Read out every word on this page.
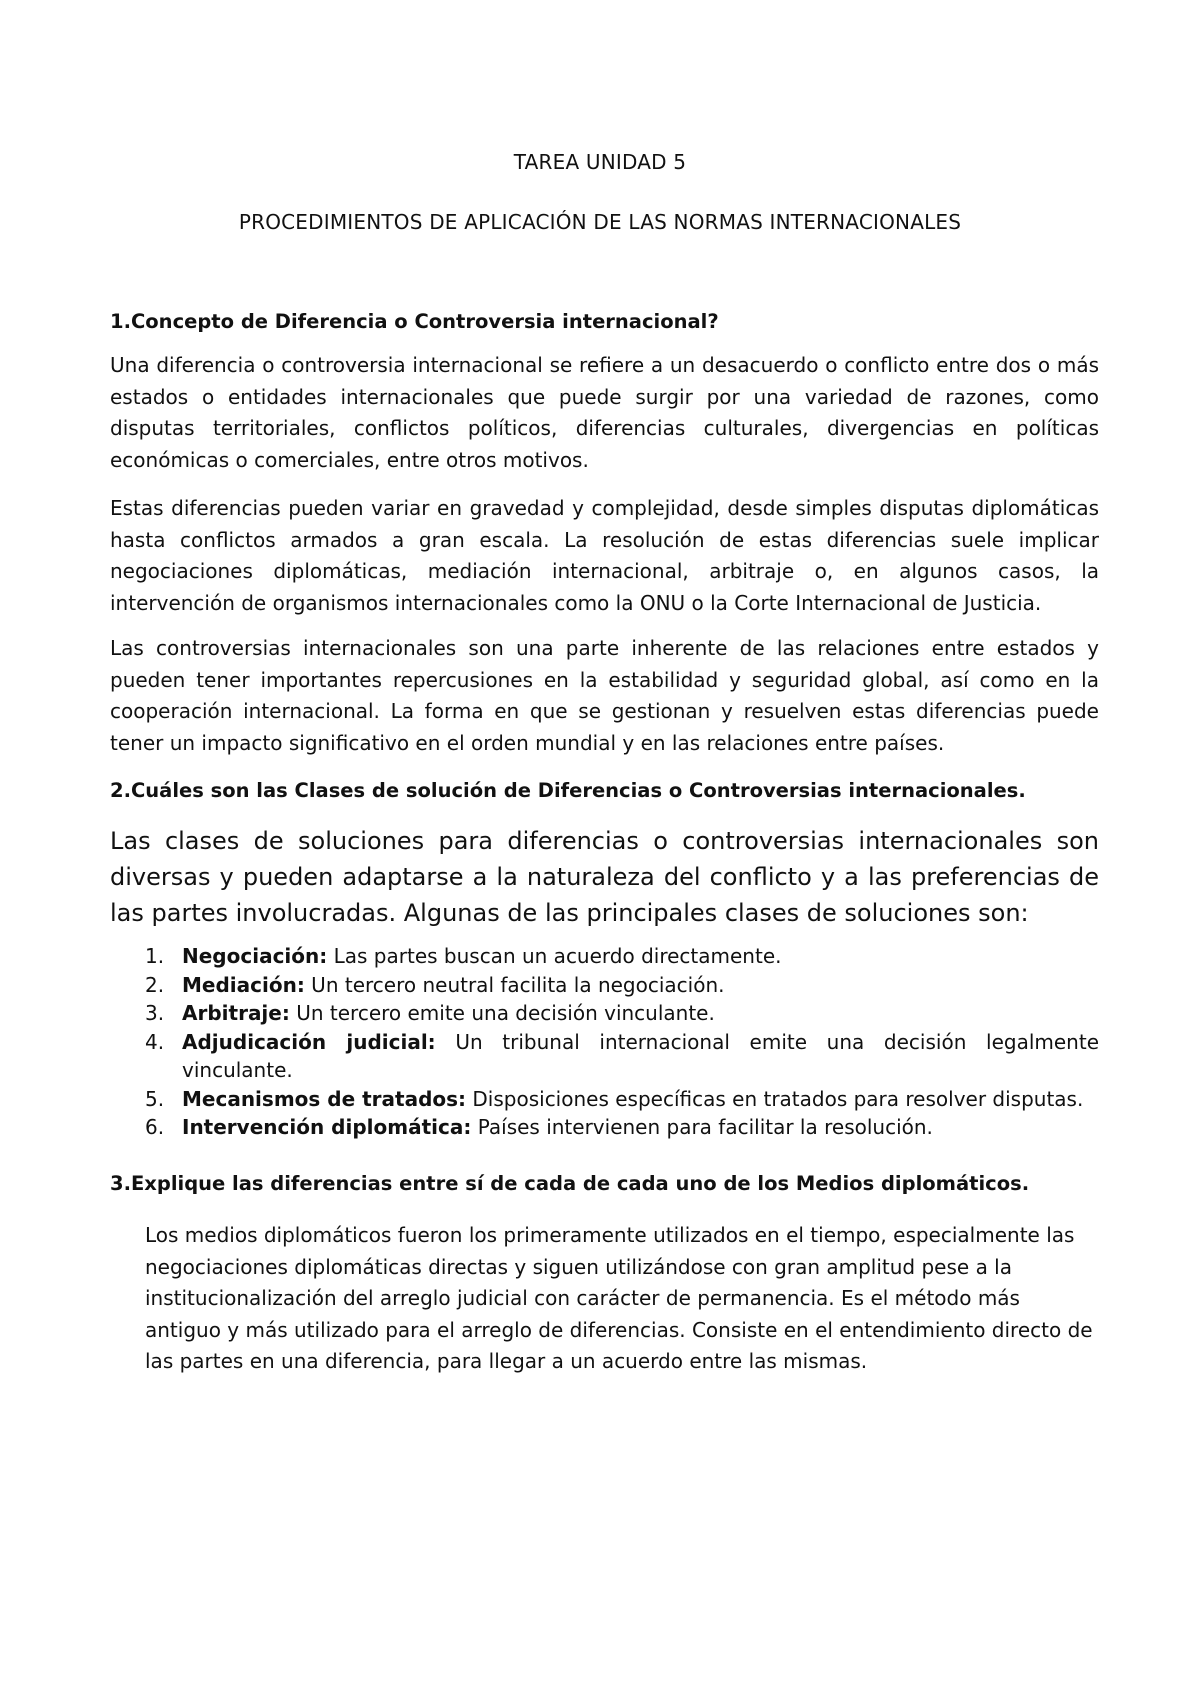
TAREA UNIDAD 5
PROCEDIMIENTOS DE APLICACIÓN DE LAS NORMAS INTERNACIONALES
1.Concepto de Diferencia o Controversia internacional?
Una diferencia o controversia internacional se refiere a un desacuerdo o conflicto entre dos o más estados o entidades internacionales que puede surgir por una variedad de razones, como disputas territoriales, conflictos políticos, diferencias culturales, divergencias en políticas económicas o comerciales, entre otros motivos.
Estas diferencias pueden variar en gravedad y complejidad, desde simples disputas diplomáticas hasta conflictos armados a gran escala. La resolución de estas diferencias suele implicar negociaciones diplomáticas, mediación internacional, arbitraje o, en algunos casos, la intervención de organismos internacionales como la ONU o la Corte Internacional de Justicia.
Las controversias internacionales son una parte inherente de las relaciones entre estados y pueden tener importantes repercusiones en la estabilidad y seguridad global, así como en la cooperación internacional. La forma en que se gestionan y resuelven estas diferencias puede tener un impacto significativo en el orden mundial y en las relaciones entre países.
2.Cuáles son las Clases de solución de Diferencias o Controversias internacionales.
Las clases de soluciones para diferencias o controversias internacionales son diversas y pueden adaptarse a la naturaleza del conflicto y a las preferencias de las partes involucradas. Algunas de las principales clases de soluciones son:
1. Negociación: Las partes buscan un acuerdo directamente.
2. Mediación: Un tercero neutral facilita la negociación.
3. Arbitraje: Un tercero emite una decisión vinculante.
4. Adjudicación judicial: Un tribunal internacional emite una decisión legalmente vinculante.
5. Mecanismos de tratados: Disposiciones específicas en tratados para resolver disputas.
6. Intervención diplomática: Países intervienen para facilitar la resolución.
3.Explique las diferencias entre sí de cada de cada uno de los Medios diplomáticos.
Los medios diplomáticos fueron los primeramente utilizados en el tiempo, especialmente las negociaciones diplomáticas directas y siguen utilizándose con gran amplitud pese a la institucionalización del arreglo judicial con carácter de permanencia. Es el método más antiguo y más utilizado para el arreglo de diferencias. Consiste en el entendimiento directo de las partes en una diferencia, para llegar a un acuerdo entre las mismas.
